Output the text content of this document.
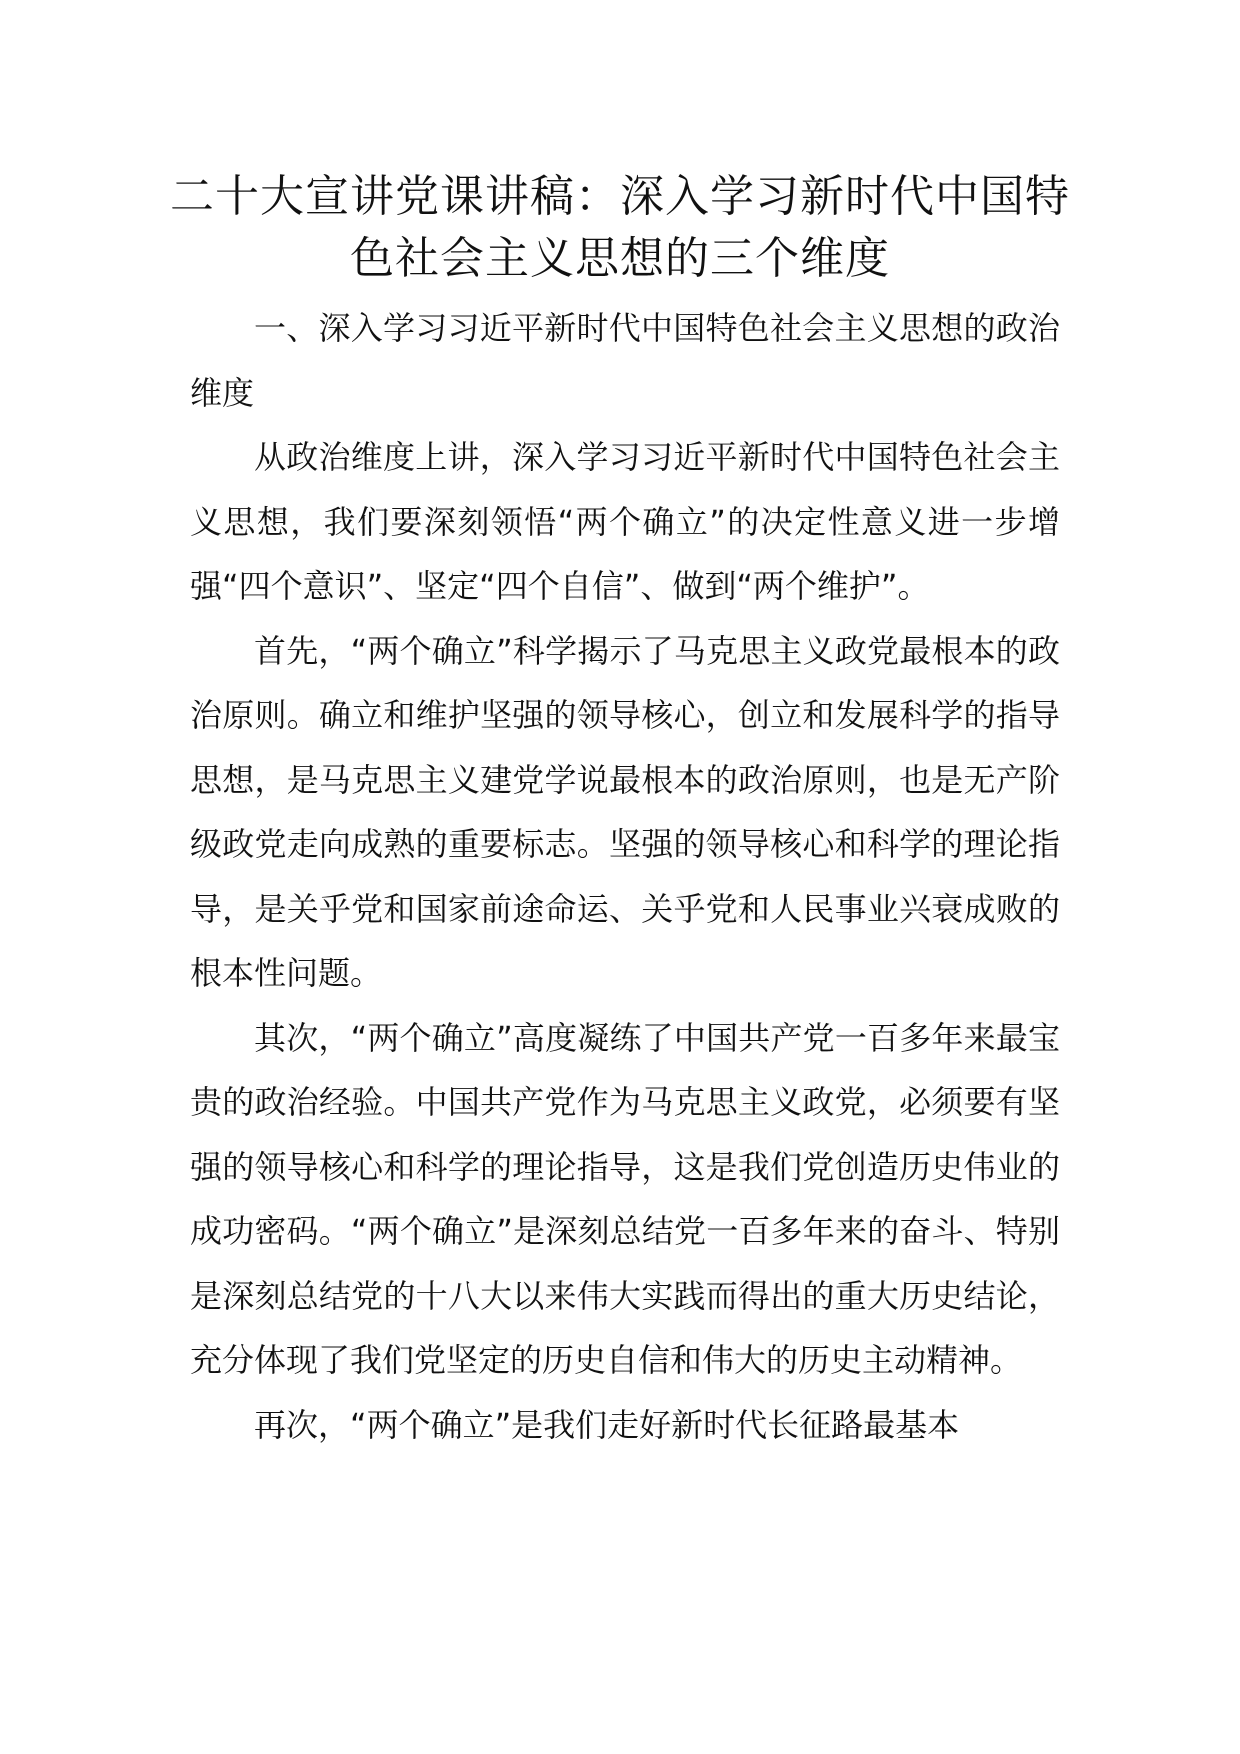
二十大宣讲党课讲稿：深入学习新时代中国特色社会主义思想的三个维度

一、深入学习习近平新时代中国特色社会主义思想的政治维度

从政治维度上讲，深入学习习近平新时代中国特色社会主义思想，我们要深刻领悟“两个确立”的决定性意义进一步增强“四个意识”、坚定“四个自信”、做到“两个维护”。

首先，“两个确立”科学揭示了马克思主义政党最根本的政治原则。确立和维护坚强的领导核心，创立和发展科学的指导思想，是马克思主义建党学说最根本的政治原则，也是无产阶级政党走向成熟的重要标志。坚强的领导核心和科学的理论指导，是关乎党和国家前途命运、关乎党和人民事业兴衰成败的根本性问题。

其次，“两个确立”高度凝练了中国共产党一百多年来最宝贵的政治经验。中国共产党作为马克思主义政党，必须要有坚强的领导核心和科学的理论指导，这是我们党创造历史伟业的成功密码。“两个确立”是深刻总结党一百多年来的奋斗、特别是深刻总结党的十八大以来伟大实践而得出的重大历史结论，充分体现了我们党坚定的历史自信和伟大的历史主动精神。

再次，“两个确立”是我们走好新时代长征路最基本
